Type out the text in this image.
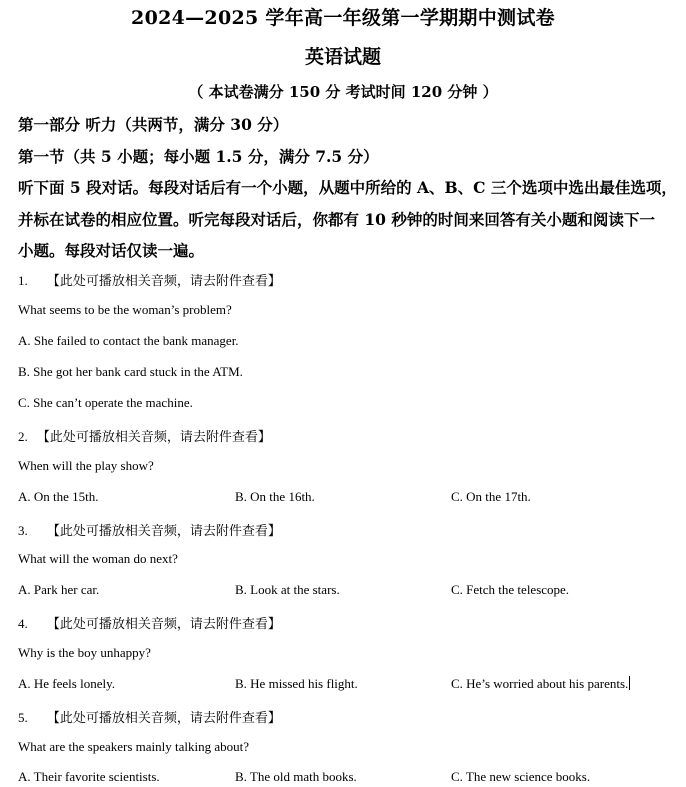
2024—2025 学年高一年级第一学期期中测试卷
英语试题
（ 本试卷满分 150 分 考试时间 120 分钟 ）
第一部分 听力（共两节，满分 30 分）
第一节（共 5 小题；每小题 1.5 分，满分 7.5 分）
听下面 5 段对话。每段对话后有一个小题，从题中所给的 A、B、C 三个选项中选出最佳选项，
并标在试卷的相应位置。听完每段对话后，你都有 10 秒钟的时间来回答有关小题和阅读下一
小题。每段对话仅读一遍。
1. 【此处可播放相关音频，请去附件查看】
What seems to be the woman’s problem?
A. She failed to contact the bank manager.
B. She got her bank card stuck in the ATM.
C. She can’t operate the machine.
2. 【此处可播放相关音频，请去附件查看】
When will the play show?
A. On the 15th.	B. On the 16th.	C. On the 17th.
3. 【此处可播放相关音频，请去附件查看】
What will the woman do next?
A. Park her car.	B. Look at the stars.	C. Fetch the telescope.
4. 【此处可播放相关音频，请去附件查看】
Why is the boy unhappy?
A. He feels lonely.	B. He missed his flight.	C. He’s worried about his parents.
5. 【此处可播放相关音频，请去附件查看】
What are the speakers mainly talking about?
A. Their favorite scientists.	B. The old math books.	C. The new science books.
